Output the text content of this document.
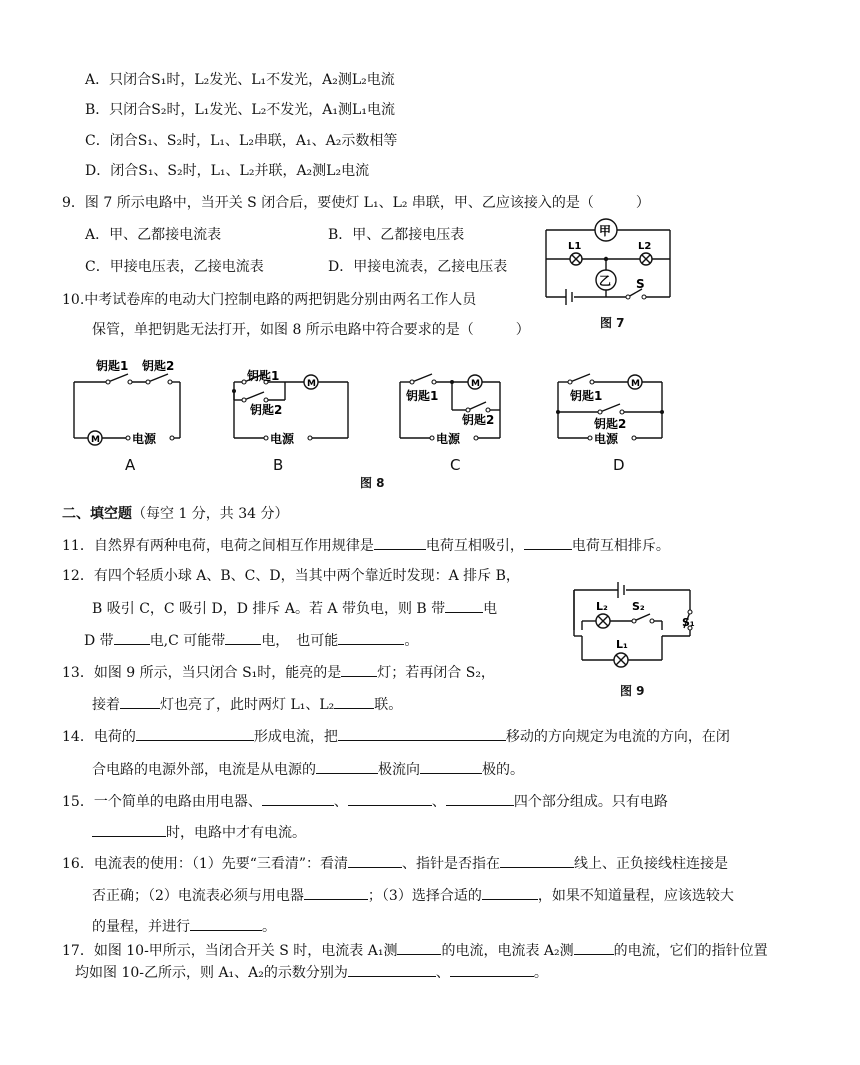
A．只闭合S₁时，L₂发光、L₁不发光，A₂测L₂电流
B．只闭合S₂时，L₁发光、L₂不发光，A₁测L₁电流
C．闭合S₁、S₂时，L₁、L₂串联，A₁、A₂示数相等
D．闭合S₁、S₂时，L₁、L₂并联，A₂测L₂电流
9．图 7 所示电路中，当开关 S 闭合后，要使灯 L₁、L₂ 串联，甲、乙应该接入的是（　　　）
A．甲、乙都接电流表	B．甲、乙都接电压表
C．甲接电压表，乙接电流表	D．甲接电流表，乙接电压表
甲
乙
L1	L2
S
图 7
10.中考试卷库的电动大门控制电路的两把钥匙分别由两名工作人员
保管，单把钥匙无法打开，如图 8 所示电路中符合要求的是（　　　）
钥匙1 钥匙2
电源
M
钥匙1
钥匙2
电源
M
钥匙1
钥匙2
电源
M
钥匙1
钥匙2
电源
M
A	B	C	D
图 8
二、填空题（每空 1 分，共 34 分）
11．自然界有两种电荷，电荷之间相互作用规律是	电荷互相吸引，	电荷互相排斥。
12．有四个轻质小球 A、B、C、D，当其中两个靠近时发现：A 排斥 B，
B 吸引 C，C 吸引 D，D 排斥 A。若 A 带负电，则 B 带	电
D 带	电,C 可能带	电，　也可能	。
L₂ S₂
L₁
S₁
图 9
13．如图 9 所示，当只闭合 S₁时，能亮的是	灯；若再闭合 S₂，
接着	灯也亮了，此时两灯 L₁、L₂	联。
14．电荷的	形成电流，把	移动的方向规定为电流的方向，在闭
合电路的电源外部，电流是从电源的	极流向	极的。
15．一个简单的电路由用电器、	、	、	四个部分组成。只有电路
时，电路中才有电流。
16．电流表的使用：（1）先要“三看清”：看清	、指针是否指在	线上、正负接线柱连接是
否正确；（2）电流表必须与用电器	；（3）选择合适的	，如果不知道量程，应该选较大
的量程，并进行	。
17．如图 10-甲所示，当闭合开关 S 时，电流表 A₁测	的电流，电流表 A₂测	的电流，它们的指针位置
均如图 10-乙所示，则 A₁、A₂的示数分别为	、	。
